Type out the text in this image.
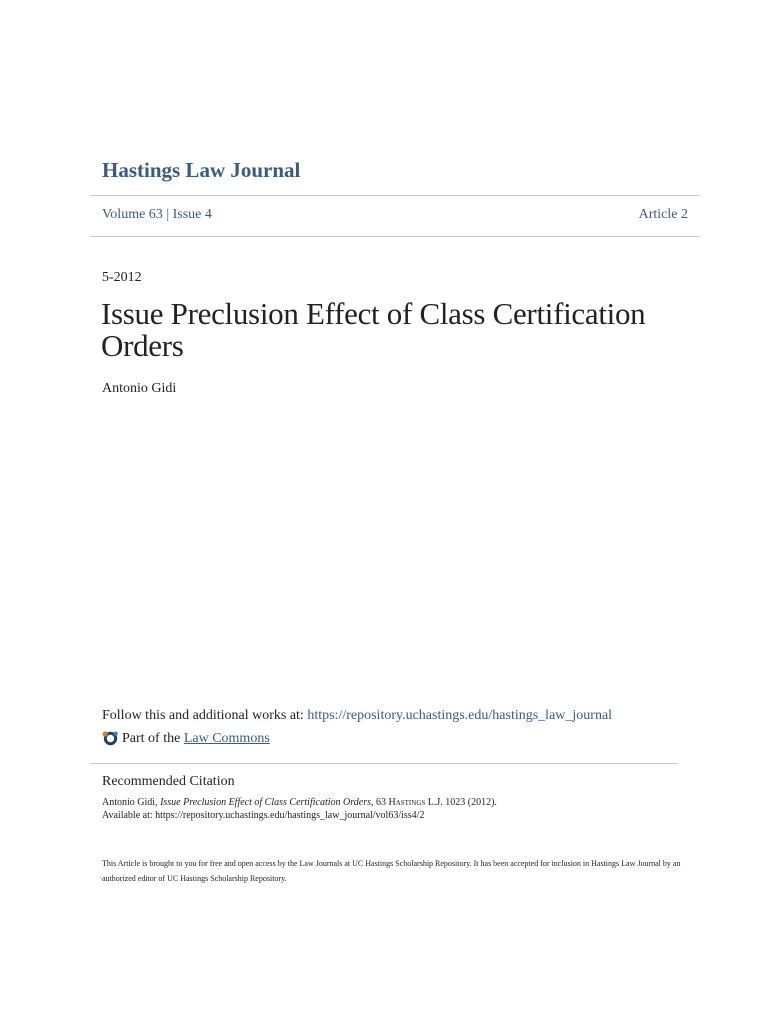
Hastings Law Journal
Volume 63 | Issue 4	Article 2
5-2012
Issue Preclusion Effect of Class Certification Orders
Antonio Gidi
Follow this and additional works at: https://repository.uchastings.edu/hastings_law_journal
Part of the
Law Commons
Recommended Citation
Antonio Gidi, Issue Preclusion Effect of Class Certification Orders, 63 Hastings L.J. 1023 (2012).
Available at: https://repository.uchastings.edu/hastings_law_journal/vol63/iss4/2
This Article is brought to you for free and open access by the Law Journals at UC Hastings Scholarship Repository. It has been accepted for inclusion in Hastings Law Journal by an authorized editor of UC Hastings Scholarship Repository.
